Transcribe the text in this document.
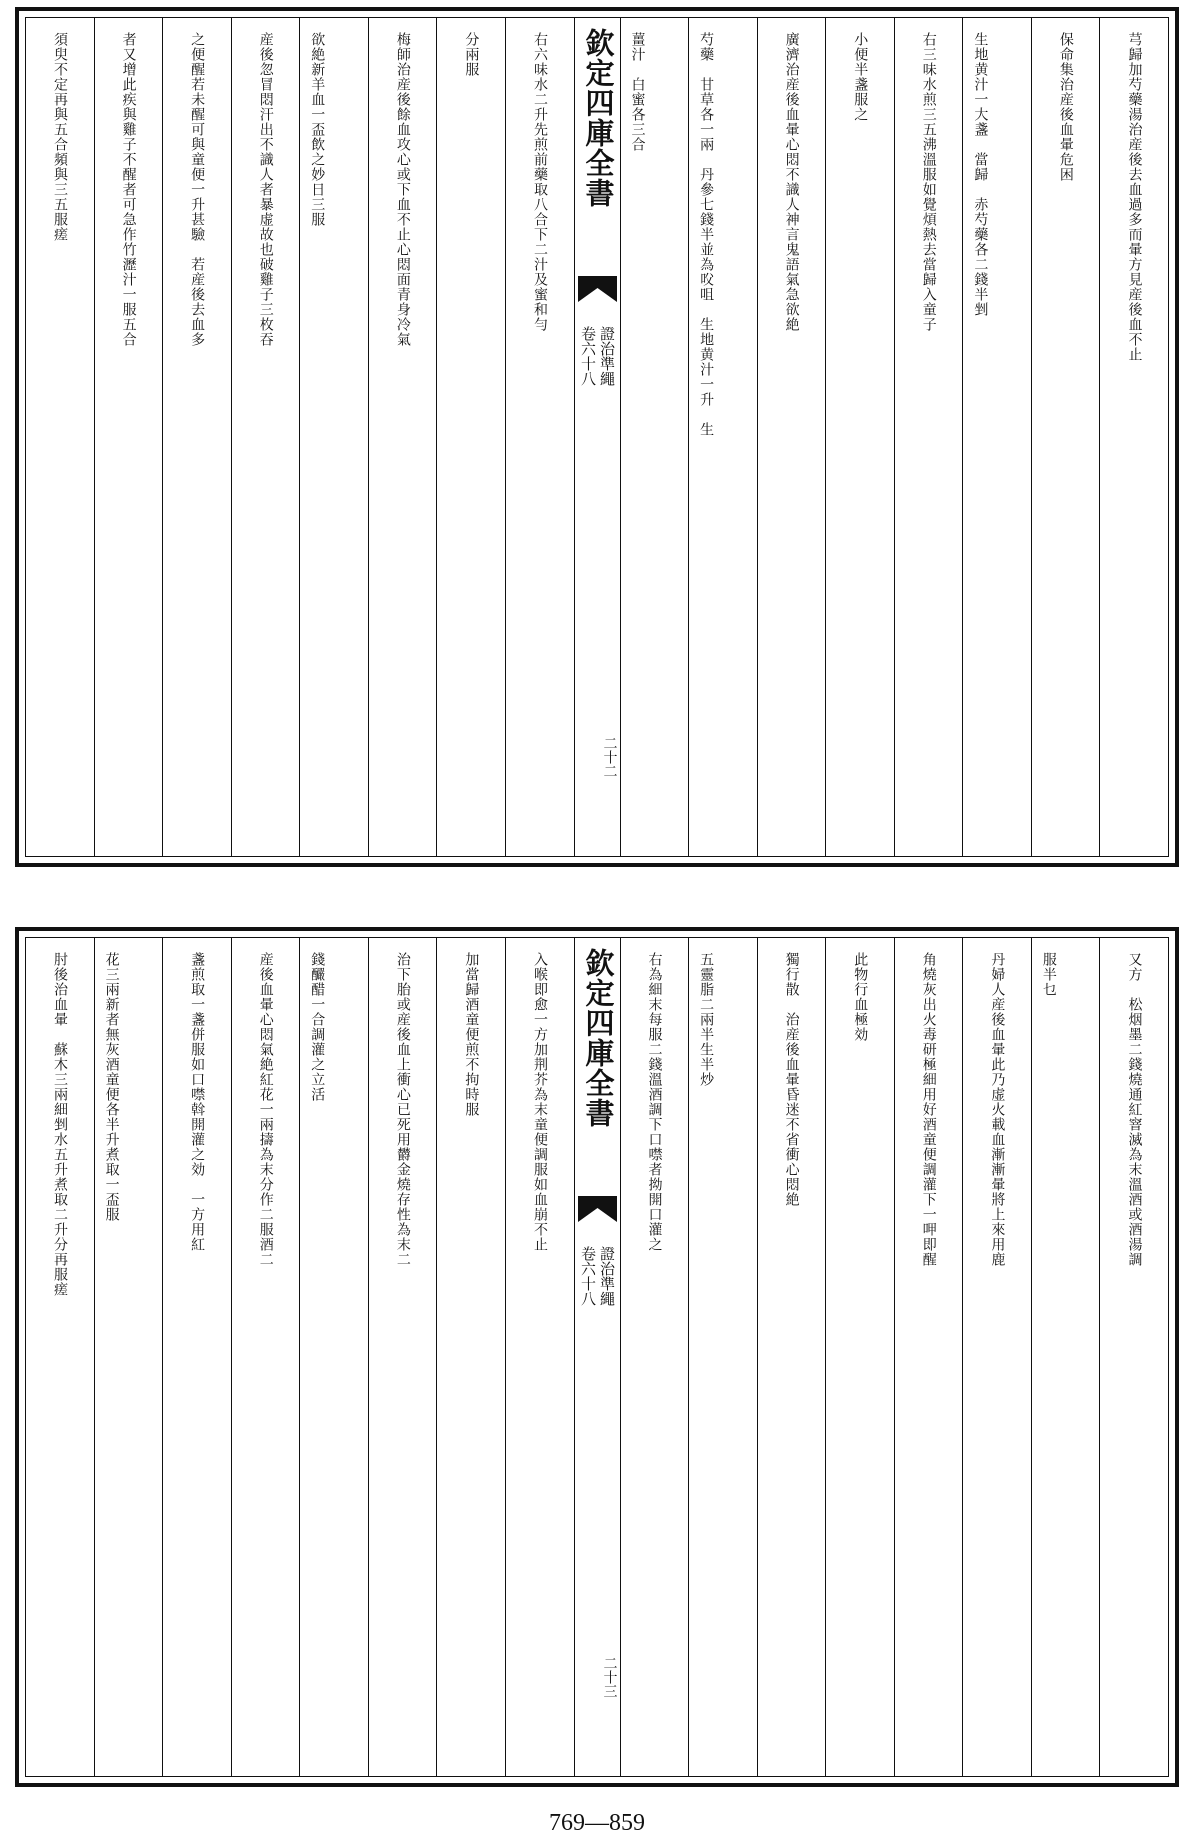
芎歸加芍藥湯治産後去血過多而暈方見産後血不止
保命集治産後血暈危困
生地黄汁一大盞　當歸　赤芍藥各二錢半剉
右三味水煎三五沸溫服如覺煩熱去當歸入童子
小便半盞服之
廣濟治産後血暈心悶不識人神言鬼語氣急欲絶
芍藥　甘草各一兩　丹參七錢半並為㕮咀　生地黄汁一升　生
薑汁　白蜜各三合
欽定四庫全書
證治準繩
卷六十八
二十二
右六味水二升先煎前藥取八合下二汁及蜜和勻
分兩服
梅師治産後餘血攻心或下血不止心悶面青身冷氣
欲絶新羊血一盃飲之妙日三服
産後忽冒悶汗出不識人者暴虚故也破雞子三枚吞
之便醒若未醒可與童便一升甚驗　若産後去血多
者又增此疾與雞子不醒者可急作竹瀝汁一服五合
須臾不定再與五合頻與三五服瘥
又方　松烟墨二錢燒通紅窨滅為末溫酒或酒湯調
服半乜
丹婦人産後血暈此乃虚火載血漸漸暈將上來用鹿
角燒灰出火毒研極細用好酒童便調灌下一呷即醒
此物行血極効
獨行散　治産後血暈昏迷不省衝心悶絶
五靈脂二兩半生半炒
右為細末每服二錢溫酒調下口噤者拗開口灌之
欽定四庫全書
證治準繩
卷六十八
二十三
入喉即愈一方加荆芥為末童便調服如血崩不止
加當歸酒童便煎不拘時服
治下胎或産後血上衝心已死用欝金燒存性為末二
錢釅醋一合調灌之立活
産後血暈心悶氣絶紅花一兩擣為末分作二服酒二
盞煎取一盞併服如口噤斡開灌之効　一方用紅
花三兩新者無灰酒童便各半升煮取一盃服
肘後治血暈　蘇木三兩細剉水五升煮取二升分再服瘥
769—859
